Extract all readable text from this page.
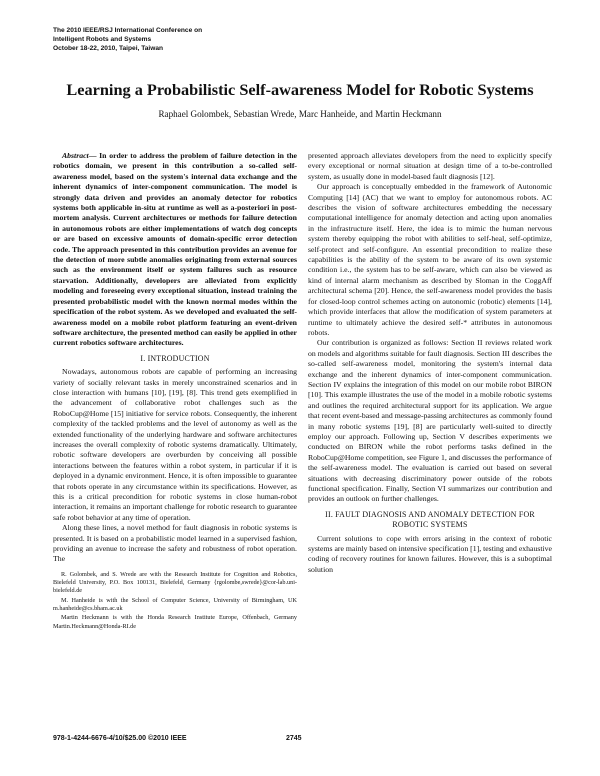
The 2010 IEEE/RSJ International Conference on
Intelligent Robots and Systems
October 18-22, 2010, Taipei, Taiwan
Learning a Probabilistic Self-awareness Model for Robotic Systems
Raphael Golombek, Sebastian Wrede, Marc Hanheide, and Martin Heckmann

Abstract— In order to address the problem of failure detection in the robotics domain, we present in this contribution a so-called self-awareness model, based on the system's internal data exchange and the inherent dynamics of inter-component communication. The model is strongly data driven and provides an anomaly detector for robotics systems both applicable in-situ at runtime as well as a-posteriori in post-mortem analysis. Current architectures or methods for failure detection in autonomous robots are either implementations of watch dog concepts or are based on excessive amounts of domain-specific error detection code. The approach presented in this contribution provides an avenue for the detection of more subtle anomalies originating from external sources such as the environment itself or system failures such as resource starvation. Additionally, developers are alleviated from explicitly modeling and foreseeing every exceptional situation, instead training the presented probabilistic model with the known normal modes within the specification of the robot system. As we developed and evaluated the self-awareness model on a mobile robot platform featuring an event-driven software architecture, the presented method can easily be applied in other current robotics software architectures.

I. INTRODUCTION

Nowadays, autonomous robots are capable of performing an increasing variety of socially relevant tasks in merely unconstrained scenarios and in close interaction with humans [10], [19], [8]. This trend gets exemplified in the advancement of collaborative robot challenges such as the RoboCup@Home [15] initiative for service robots. Consequently, the inherent complexity of the tackled problems and the level of autonomy as well as the extended functionality of the underlying hardware and software architectures increases the overall complexity of robotic systems dramatically. Ultimately, robotic software developers are overburden by conceiving all possible interactions between the features within a robot system, in particular if it is deployed in a dynamic environment. Hence, it is often impossible to guarantee that robots operate in any circumstance within its specifications. However, as this is a critical precondition for robotic systems in close human-robot interaction, it remains an important challenge for robotic research to guarantee safe robot behavior at any time of operation.

Along these lines, a novel method for fault diagnosis in robotic systems is presented. It is based on a probabilistic model learned in a supervised fashion, providing an avenue to increase the safety and robustness of robot operation. The

R. Golombek, and S. Wrede are with the Research Institute for Cognition and Robotics, Bielefeld University, P.O. Box 100131, Bielefeld, Germany {rgolombe,swrede}@cor-lab.uni-bielefeld.de

M. Hanheide is with the School of Computer Science, University of Birmingham, UK m.hanheide@cs.bham.ac.uk

Martin Heckmann is with the Honda Research Institute Europe, Offenbach, Germany Martin.Heckmann@Honda-RI.de

presented approach alleviates developers from the need to explicitly specify every exceptional or normal situation at design time of a to-be-controlled system, as usually done in model-based fault diagnosis [12].

Our approach is conceptually embedded in the framework of Autonomic Computing [14] (AC) that we want to employ for autonomous robots. AC describes the vision of software architectures embedding the necessary computational intelligence for anomaly detection and acting upon anomalies in the infrastructure itself. Here, the idea is to mimic the human nervous system thereby equipping the robot with abilities to self-heal, self-optimize, self-protect and self-configure. An essential precondition to realize these capabilities is the ability of the system to be aware of its own systemic condition i.e., the system has to be self-aware, which can also be viewed as kind of internal alarm mechanism as described by Sloman in the CoggAff architectural schema [20]. Hence, the self-awareness model provides the basis for closed-loop control schemes acting on autonomic (robotic) elements [14], which provide interfaces that allow the modification of system parameters at runtime to ultimately achieve the desired self-* attributes in autonomous robots.

Our contribution is organized as follows: Section II reviews related work on models and algorithms suitable for fault diagnosis. Section III describes the so-called self-awareness model, monitoring the system's internal data exchange and the inherent dynamics of inter-component communication. Section IV explains the integration of this model on our mobile robot BIRON [10]. This example illustrates the use of the model in a mobile robotic systems and outlines the required architectural support for its application. We argue that recent event-based and message-passing architectures as commonly found in many robotic systems [19], [8] are particularly well-suited to directly employ our approach. Following up, Section V describes experiments we conducted on BIRON while the robot performs tasks defined in the RoboCup@Home competition, see Figure 1, and discusses the performance of the self-awareness model. The evaluation is carried out based on several situations with decreasing discriminatory power outside of the robots functional specification. Finally, Section VI summarizes our contribution and provides an outlook on further challenges.

II. FAULT DIAGNOSIS AND ANOMALY DETECTION FOR ROBOTIC SYSTEMS

Current solutions to cope with errors arising in the context of robotic systems are mainly based on intensive specification [1], testing and exhaustive coding of recovery routines for known failures. However, this is a suboptimal solution

978-1-4244-6676-4/10/$25.00 ©2010 IEEE	2745
